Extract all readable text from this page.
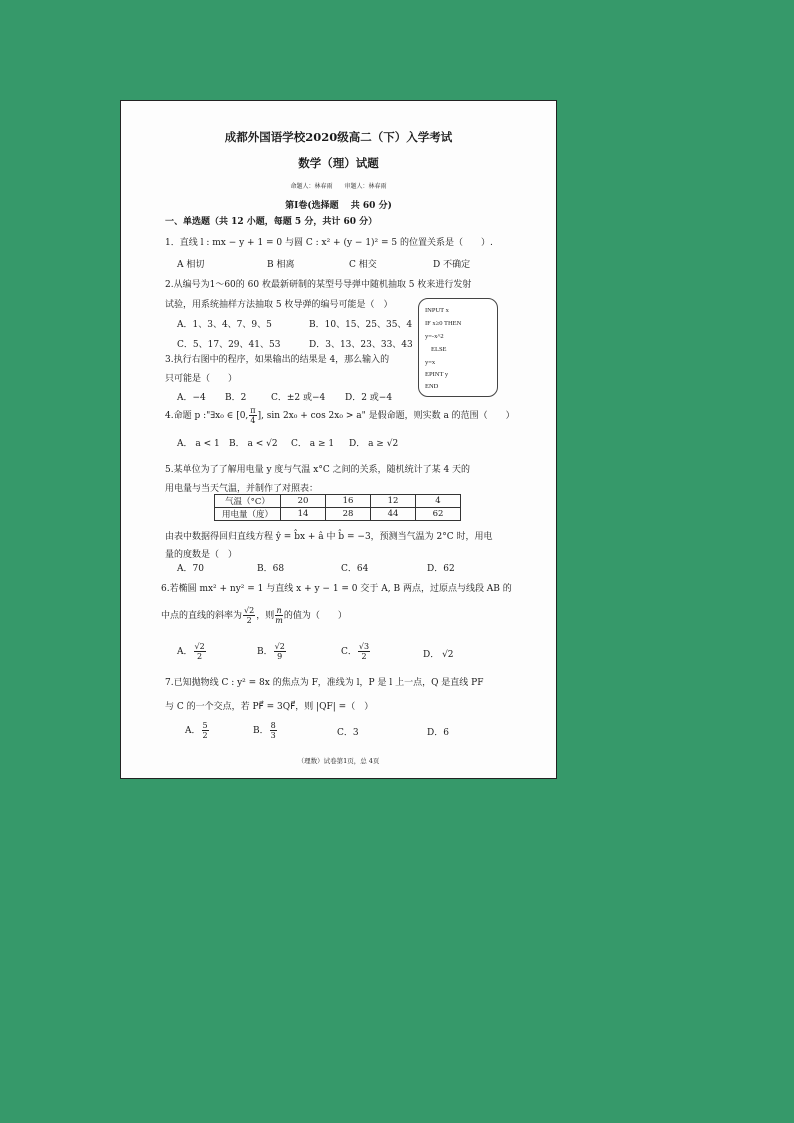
成都外国语学校2020级高二（下）入学考试
数学（理）试题
命题人：林春雨　　审题人：林春雨
第Ⅰ卷(选择题　 共 60 分)
一、单选题（共 12 小题，每题 5 分，共计 60 分）
1．直线 l : mx − y + 1 = 0 与圆 C : x² + (y − 1)² = 5 的位置关系是（　　）.
A 相切	B 相离	C 相交	D 不确定
2.从编号为1～60的 60 枚最新研制的某型号导弹中随机抽取 5 枚来进行发射
试验，用系统抽样方法抽取 5 枚导弹的编号可能是（　）
A．1、3、4、7、9、5	B．10、15、25、35、4
C．5、17、29、41、53	D．3、13、23、33、43
INPUT x
IF x≥0 THEN
y=-x^2
ELSE
y=x
EPINT y
END
3.执行右图中的程序，如果输出的结果是 4，那么输入的
只可能是（　　）
A．−4 B．2	C．±2 或−4 D．2 或−4
4.命题 p :"∃x₀ ∈ [0, $\frac{\pi}{4}$ ], sin 2x₀ + cos 2x₀ > a" 是假命题，则实数 a 的范围（　　）
A． a < 1 B． a < √2 C． a ≥ 1 D． a ≥ √2
5.某单位为了了解用电量 y 度与气温 x°C 之间的关系，随机统计了某 4 天的
用电量与当天气温，并制作了对照表：
气温（°C）	20	16	12	4
用电量（度）	14	28	44	62
由表中数据得回归直线方程 ŷ = b̂x + â 中 b̂ = −3，预测当气温为 2°C 时，用电
量的度数是（　）
A．70	B．68	C．64	D．62
6.若椭圆 mx² + ny² = 1 与直线 x + y − 1 = 0 交于 A, B 两点，过原点与线段 AB 的
中点的直线的斜率为 $\frac{√2}{2}$ ，则 $\frac{n}{m}$ 的值为（　　）
A． $\frac{√2}{2}$	B． $\frac{√2}{9}$	C． $\frac{√3}{2}$	D． √2
7.已知抛物线 C : y² = 8x 的焦点为 F，准线为 l，P 是 l 上一点，Q 是直线 PF
与 C 的一个交点，若 PF⃗ = 3QF⃗，则 |QF| =（　）
A． $\frac{5}{2}$	B． $\frac{8}{3}$	C．3	D．6
（理数）试卷第1页，总 4页
